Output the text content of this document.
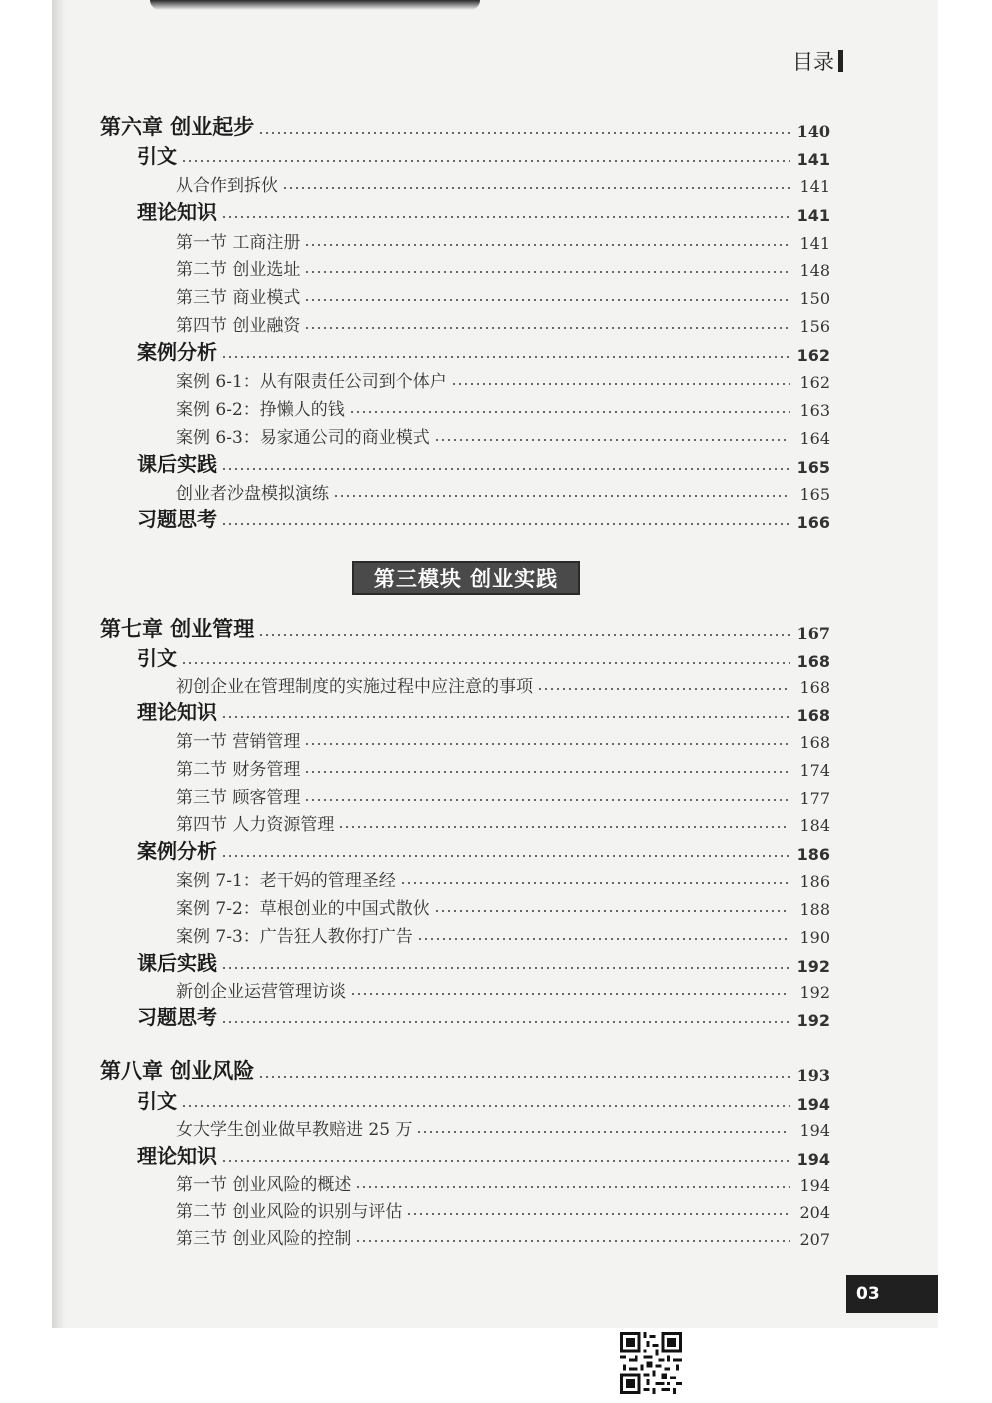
目录
第六章 创业起步	140
引文	141
从合作到拆伙	141
理论知识	141
第一节 工商注册	141
第二节 创业选址	148
第三节 商业模式	150
第四节 创业融资	156
案例分析	162
案例 6-1：从有限责任公司到个体户	162
案例 6-2：挣懒人的钱	163
案例 6-3：易家通公司的商业模式	164
课后实践	165
创业者沙盘模拟演练	165
习题思考	166
第七章 创业管理	167
引文	168
初创企业在管理制度的实施过程中应注意的事项	168
理论知识	168
第一节 营销管理	168
第二节 财务管理	174
第三节 顾客管理	177
第四节 人力资源管理	184
案例分析	186
案例 7-1：老干妈的管理圣经	186
案例 7-2：草根创业的中国式散伙	188
案例 7-3：广告狂人教你打广告	190
课后实践	192
新创企业运营管理访谈	192
习题思考	192
第八章 创业风险	193
引文	194
女大学生创业做早教赔进 25 万	194
理论知识	194
第一节 创业风险的概述	194
第二节 创业风险的识别与评估	204
第三节 创业风险的控制	207
第三模块 创业实践
03
